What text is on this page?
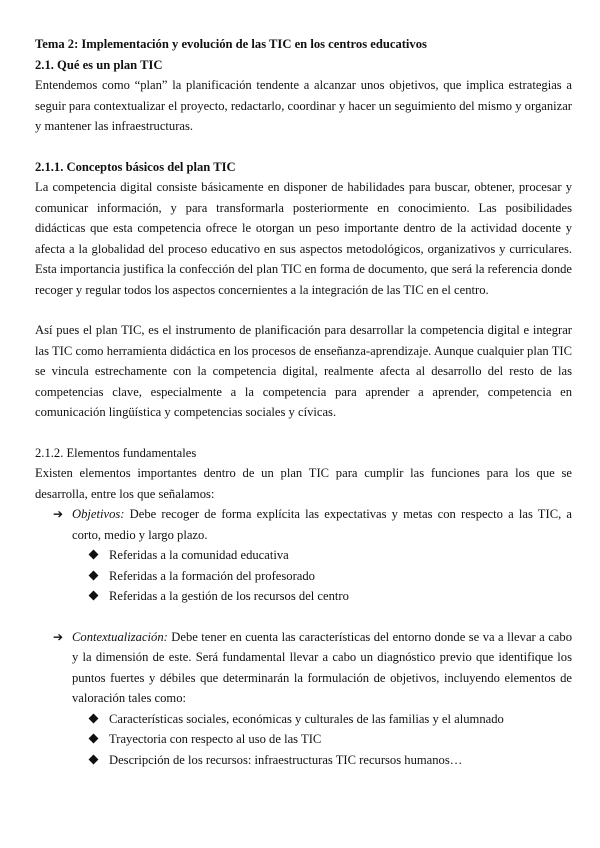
Tema 2: Implementación y evolución de las TIC en los centros educativos

2.1. Qué es un plan TIC

Entendemos como “plan” la planificación tendente a alcanzar unos objetivos, que implica estrategias a seguir para contextualizar el proyecto, redactarlo, coordinar y hacer un seguimiento del mismo y organizar y mantener las infraestructuras.

2.1.1. Conceptos básicos del plan TIC

La competencia digital consiste básicamente en disponer de habilidades para buscar, obtener, procesar y comunicar información, y para transformarla posteriormente en conocimiento. Las posibilidades didácticas que esta competencia ofrece le otorgan un peso importante dentro de la actividad docente y afecta a la globalidad del proceso educativo en sus aspectos metodológicos, organizativos y curriculares. Esta importancia justifica la confección del plan TIC en forma de documento, que será la referencia donde recoger y regular todos los aspectos concernientes a la integración de las TIC en el centro.

Así pues el plan TIC, es el instrumento de planificación para desarrollar la competencia digital e integrar las TIC como herramienta didáctica en los procesos de enseñanza-aprendizaje. Aunque cualquier plan TIC se vincula estrechamente con la competencia digital, realmente afecta al desarrollo del resto de las competencias clave, especialmente a la competencia para aprender a aprender, competencia en comunicación lingüística y competencias sociales y cívicas.

2.1.2. Elementos fundamentales

Existen elementos importantes dentro de un plan TIC para cumplir las funciones para los que se desarrolla, entre los que señalamos:

➔ Objetivos: Debe recoger de forma explícita las expectativas y metas con respecto a las TIC, a corto, medio y largo plazo.
Referidas a la comunidad educativa
Referidas a la formación del profesorado
Referidas a la gestión de los recursos del centro
➔ Contextualización: Debe tener en cuenta las características del entorno donde se va a llevar a cabo y la dimensión de este. Será fundamental llevar a cabo un diagnóstico previo que identifique los puntos fuertes y débiles que determinarán la formulación de objetivos, incluyendo elementos de valoración tales como:
Características sociales, económicas y culturales de las familias y el alumnado
Trayectoria con respecto al uso de las TIC
Descripción de los recursos: infraestructuras TIC recursos humanos…
